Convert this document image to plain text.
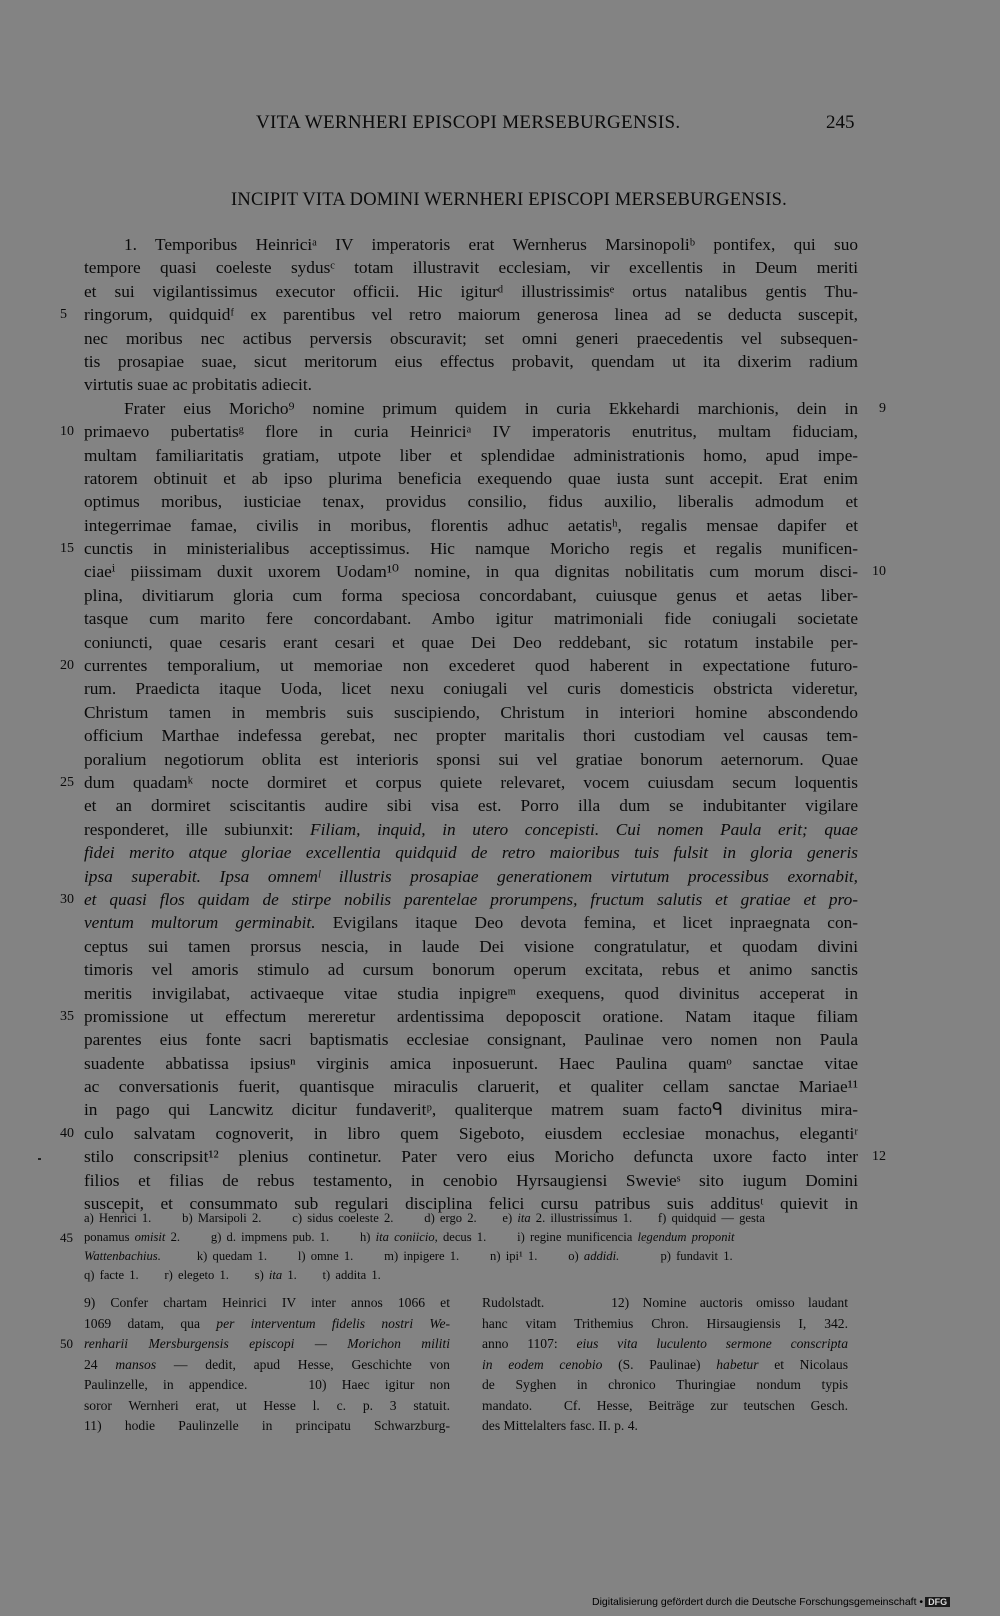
VITA WERNHERI EPISCOPI MERSEBURGENSIS.	245
INCIPIT VITA DOMINI WERNHERI EPISCOPI MERSEBURGENSIS.
1. Temporibus Heinriciᵃ IV imperatoris erat Wernherus Marsinopoliᵇ pontifex, qui suo
tempore quasi coeleste sydusᶜ totam illustravit ecclesiam, vir excellentis in Deum meriti
et sui vigilantissimus executor officii. Hic igiturᵈ illustrissimisᵉ ortus natalibus gentis Thu-
ringorum, quidquidᶠ ex parentibus vel retro maiorum generosa linea ad se deducta suscepit,
5
nec moribus nec actibus perversis obscuravit; set omni generi praecedentis vel subsequen-
tis prosapiae suae, sicut meritorum eius effectus probavit, quendam ut ita dixerim radium
virtutis suae ac probitatis adiecit.
Frater eius Moricho⁹ nomine primum quidem in curia Ekkehardi marchionis, dein in 9
primaevo pubertatisᵍ flore in curia Heinriciᵃ IV imperatoris enutritus, multam fiduciam,
10
multam familiaritatis gratiam, utpote liber et splendidae administrationis homo, apud impe-
ratorem obtinuit et ab ipso plurima beneficia exequendo quae iusta sunt accepit. Erat enim
optimus moribus, iusticiae tenax, providus consilio, fidus auxilio, liberalis admodum et
integerrimae famae, civilis in moribus, florentis adhuc aetatisʰ, regalis mensae dapifer et
cunctis in ministerialibus acceptissimus. Hic namque Moricho regis et regalis munificen-
15
ciaeⁱ piissimam duxit uxorem Uodam¹⁰ nomine, in qua dignitas nobilitatis cum morum disci- 10
plina, divitiarum gloria cum forma speciosa concordabant, cuiusque genus et aetas liber-
tasque cum marito fere concordabant. Ambo igitur matrimoniali fide coniugali societate
coniuncti, quae cesaris erant cesari et quae Dei Deo reddebant, sic rotatum instabile per-
currentes temporalium, ut memoriae non excederet quod haberent in expectatione futuro-
20
rum. Praedicta itaque Uoda, licet nexu coniugali vel curis domesticis obstricta videretur,
Christum tamen in membris suis suscipiendo, Christum in interiori homine abscondendo
officium Marthae indefessa gerebat, nec propter maritalis thori custodiam vel causas tem-
poralium negotiorum oblita est interioris sponsi sui vel gratiae bonorum aeternorum. Quae
dum quadamᵏ nocte dormiret et corpus quiete relevaret, vocem cuiusdam secum loquentis
25
et an dormiret sciscitantis audire sibi visa est. Porro illa dum se indubitanter vigilare
responderet, ille subiunxit: Filiam, inquid, in utero concepisti. Cui nomen Paula erit; quae
fidei merito atque gloriae excellentia quidquid de retro maioribus tuis fulsit in gloria generis
ipsa superabit. Ipsa omnemˡ illustris prosapiae generationem virtutum processibus exornabit,
et quasi flos quidam de stirpe nobilis parentelae prorumpens, fructum salutis et gratiae et pro-
30
ventum multorum germinabit. Evigilans itaque Deo devota femina, et licet inpraegnata con-
ceptus sui tamen prorsus nescia, in laude Dei visione congratulatur, et quodam divini
timoris vel amoris stimulo ad cursum bonorum operum excitata, rebus et animo sanctis
meritis invigilabat, activaeque vitae studia inpigreᵐ exequens, quod divinitus acceperat in
promissione ut effectum mereretur ardentissima depoposcit oratione. Natam itaque filiam
35
parentes eius fonte sacri baptismatis ecclesiae consignant, Paulinae vero nomen non Paula
suadente abbatissa ipsiusⁿ virginis amica inposuerunt. Haec Paulina quamᵒ sanctae vitae
ac conversationis fuerit, quantisque miraculis claruerit, et qualiter cellam sanctae Mariae¹¹
in pago qui Lancwitz dicitur fundaveritᵖ, qualiterque matrem suam factoᑫ divinitus mira-
culo salvatam cognoverit, in libro quem Sigeboto, eiusdem ecclesiae monachus, elegantiʳ
40
stilo conscripsit¹² plenius continetur. Pater vero eius Moricho defuncta uxore facto inter 12
filios et filias de rebus testamento, in cenobio Hyrsaugiensi Swevieˢ sito iugum Domini
suscepit, et consummato sub regulari disciplina felici cursu patribus suis additusᵗ quievit in
a) Henrici 1.      b) Marsipoli 2.      c) sidus coeleste 2.      d) ergo 2.     e) ita 2. illustrissimus 1.     f) quidquid — gesta
ponamus omisit 2.      g) d. impmens pub. 1.      h) ita coniicio, decus 1.      i) regine munificencia legendum proponit
45
Wattenbachius.       k) quedam 1.      l) omne 1.      m) inpigere 1.      n) ipi¹ 1.      o) addidi.        p) fundavit 1.
q) facte 1.     r) elegeto 1.     s) ita 1.     t) addita 1.
9) Confer chartam Heinrici IV inter annos 1066 et
1069 datam, qua per interventum fidelis nostri We-
renharii Mersburgensis episcopi — Morichon militi
50
24 mansos — dedit, apud Hesse, Geschichte von
Paulinzelle, in appendice.    10) Haec igitur non
soror Wernheri erat, ut Hesse l. c. p. 3 statuit.
11) hodie Paulinzelle in principatu Schwarzburg-
Rudolstadt.     12) Nomine auctoris omisso laudant
hanc vitam Trithemius Chron. Hirsaugiensis I, 342.
anno 1107: eius vita luculento sermone conscripta
in eodem cenobio (S. Paulinae) habetur et Nicolaus
de Syghen in chronico Thuringiae nondum typis
mandato.  Cf. Hesse, Beiträge zur teutschen Gesch.
des Mittelalters fasc. II. p. 4.
Digitalisierung gefördert durch die Deutsche Forschungsgemeinschaft • DFG
